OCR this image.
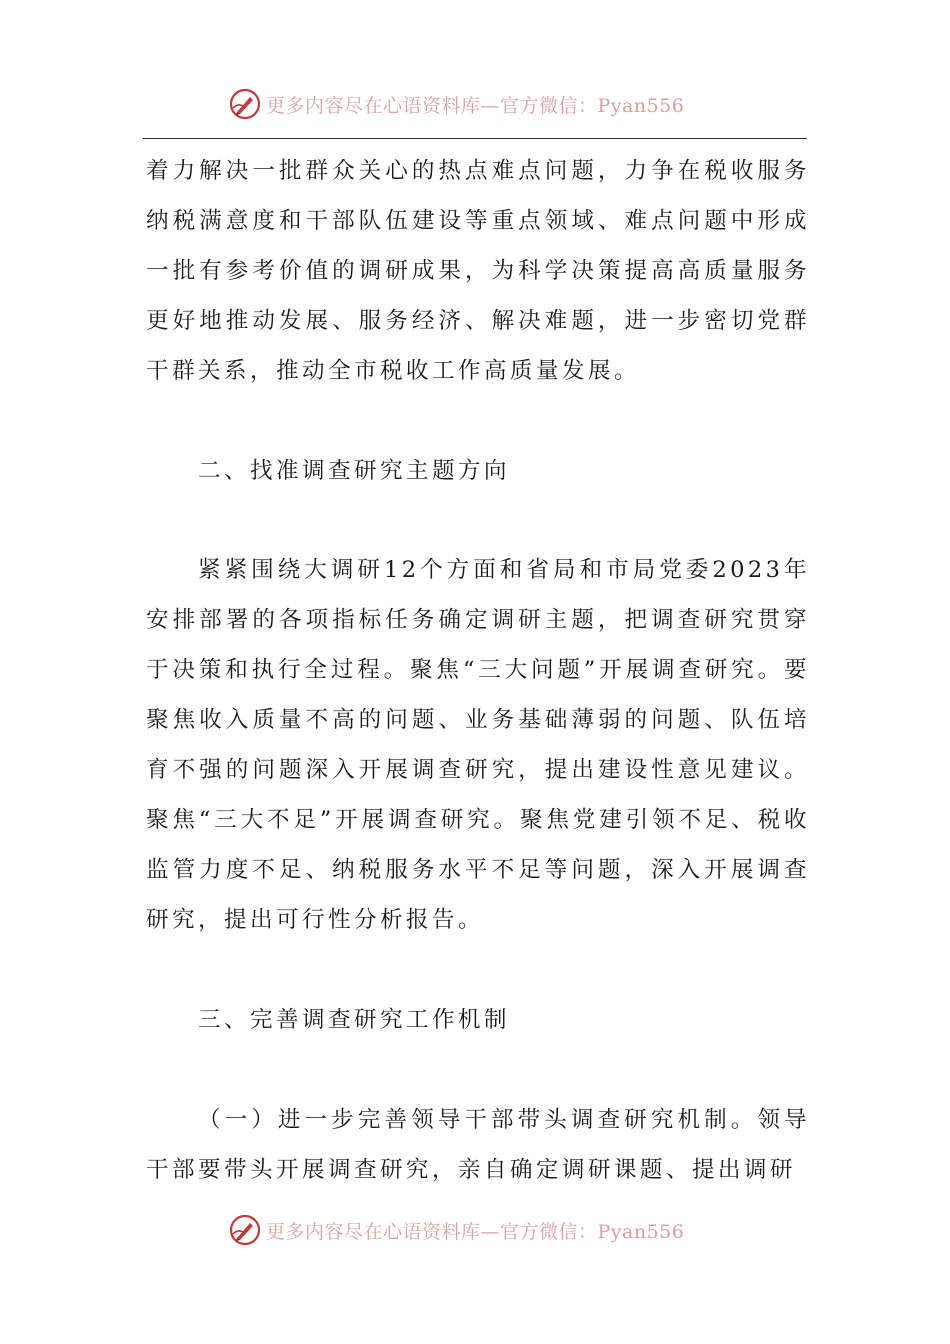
更多内容尽在心语资料库—官方微信：Pyan556

着力解决一批群众关心的热点难点问题，力争在税收服务纳税满意度和干部队伍建设等重点领域、难点问题中形成一批有参考价值的调研成果，为科学决策提高高质量服务更好地推动发展、服务经济、解决难题，进一步密切党群干群关系，推动全市税收工作高质量发展。

二、找准调查研究主题方向

紧紧围绕大调研12个方面和省局和市局党委2023年安排部署的各项指标任务确定调研主题，把调查研究贯穿于决策和执行全过程。聚焦“三大问题”开展调查研究。要聚焦收入质量不高的问题、业务基础薄弱的问题、队伍培育不强的问题深入开展调查研究，提出建设性意见建议。聚焦“三大不足”开展调查研究。聚焦党建引领不足、税收监管力度不足、纳税服务水平不足等问题，深入开展调查研究，提出可行性分析报告。

三、完善调查研究工作机制

（一）进一步完善领导干部带头调查研究机制。领导干部要带头开展调查研究，亲自确定调研课题、提出调研

更多内容尽在心语资料库—官方微信：Pyan556
